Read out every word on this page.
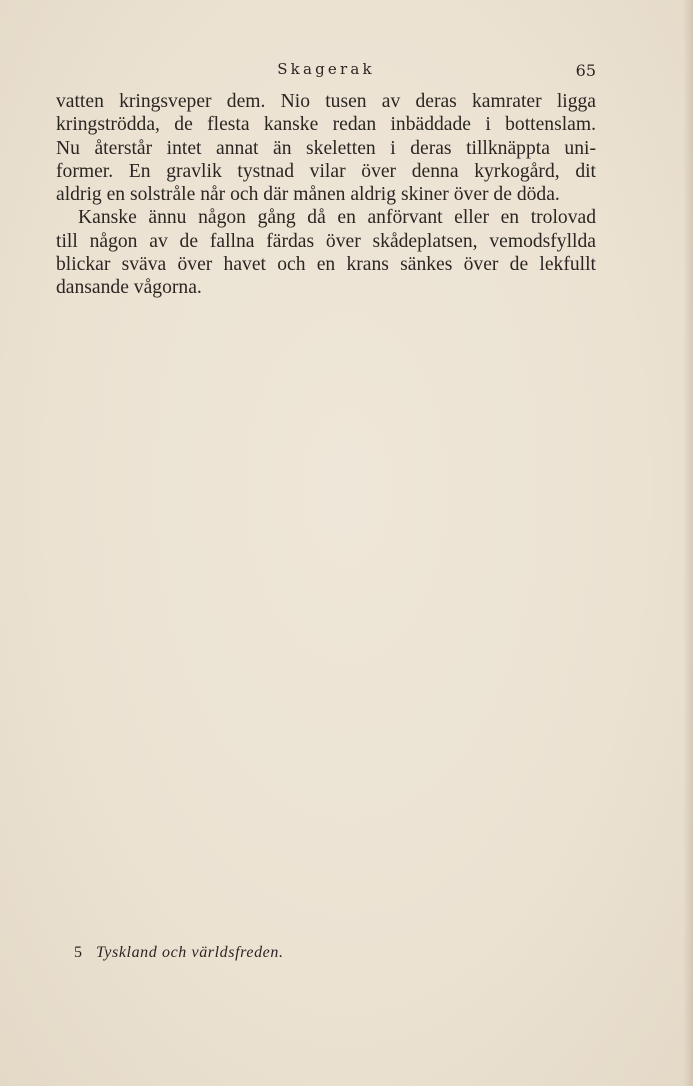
Skagerak	65

vatten kringsveper dem. Nio tusen av deras kamrater ligga
kringströdda, de flesta kanske redan inbäddade i bottenslam.
Nu återstår intet annat än skeletten i deras tillknäppta uni-
former. En gravlik tystnad vilar över denna kyrkogård, dit
aldrig en solstråle når och där månen aldrig skiner över de döda.

Kanske ännu någon gång då en anförvant eller en trolovad
till någon av de fallna färdas över skådeplatsen, vemodsfyllda
blickar sväva över havet och en krans sänkes över de lekfullt
dansande vågorna.

5 Tyskland och världsfreden.
